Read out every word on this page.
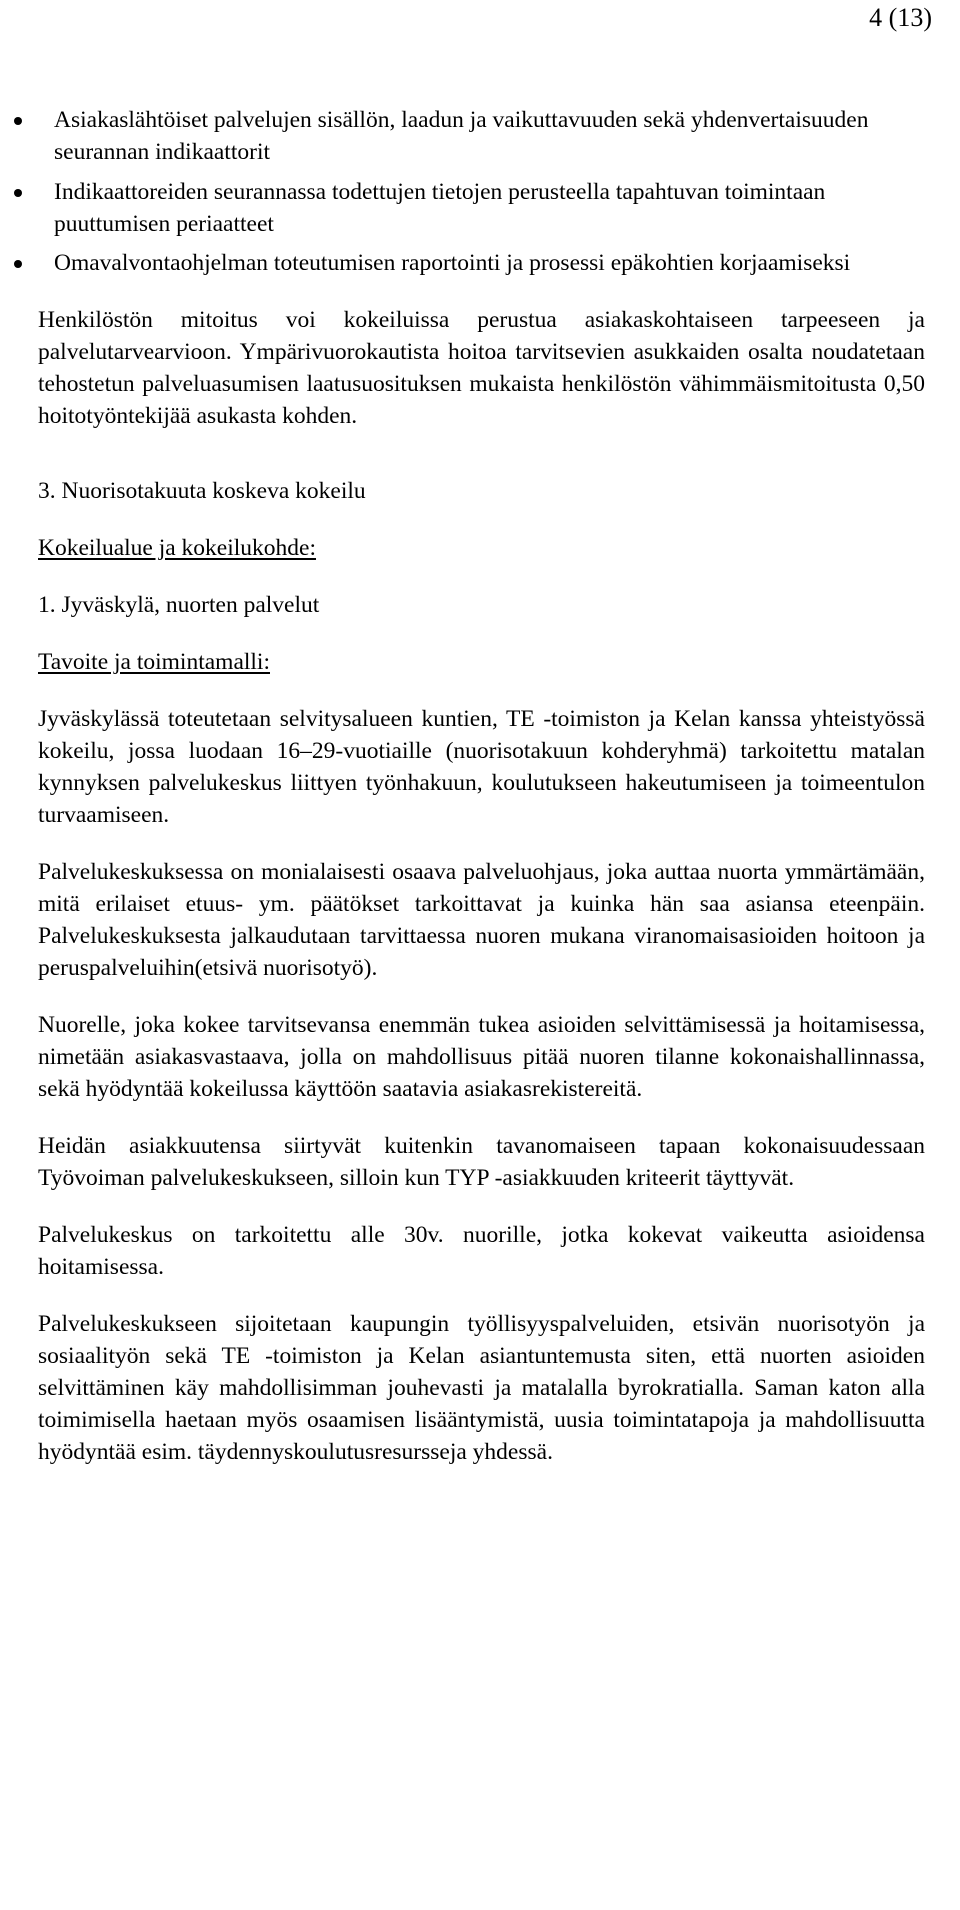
4 (13)
Asiakaslähtöiset palvelujen sisällön, laadun ja vaikuttavuuden sekä yhdenvertaisuuden seurannan indikaattorit
Indikaattoreiden seurannassa todettujen tietojen perusteella tapahtuvan toimintaan puuttumisen periaatteet
Omavalvontaohjelman toteutumisen raportointi ja prosessi epäkohtien korjaamiseksi

Henkilöstön mitoitus voi kokeiluissa perustua asiakaskohtaiseen tarpeeseen ja palvelutarvearvioon. Ympärivuorokautista hoitoa tarvitsevien asukkaiden osalta noudatetaan tehostetun palveluasumisen laatusuosituksen mukaista henkilöstön vähimmäismitoitusta 0,50 hoitotyöntekijää asukasta kohden.

3. Nuorisotakuuta koskeva kokeilu

Kokeilualue ja kokeilukohde:

1. Jyväskylä, nuorten palvelut

Tavoite ja toimintamalli:

Jyväskylässä toteutetaan selvitysalueen kuntien, TE -toimiston ja Kelan kanssa yhteistyössä kokeilu, jossa luodaan 16–29-vuotiaille (nuorisotakuun kohderyhmä) tarkoitettu matalan kynnyksen palvelukeskus liittyen työnhakuun, koulutukseen hakeutumiseen ja toimeentulon turvaamiseen.

Palvelukeskuksessa on monialaisesti osaava palveluohjaus, joka auttaa nuorta ymmärtämään, mitä erilaiset etuus- ym. päätökset tarkoittavat ja kuinka hän saa asiansa eteenpäin. Palvelukeskuksesta jalkaudutaan tarvittaessa nuoren mukana viranomaisasioiden hoitoon ja peruspalveluihin(etsivä nuorisotyö).

Nuorelle, joka kokee tarvitsevansa enemmän tukea asioiden selvittämisessä ja hoitamisessa, nimetään asiakasvastaava, jolla on mahdollisuus pitää nuoren tilanne kokonaishallinnassa, sekä hyödyntää kokeilussa käyttöön saatavia asiakasrekistereitä.

Heidän asiakkuutensa siirtyvät kuitenkin tavanomaiseen tapaan kokonaisuudessaan Työvoiman palvelukeskukseen, silloin kun TYP -asiakkuuden kriteerit täyttyvät.

Palvelukeskus on tarkoitettu alle 30v. nuorille, jotka kokevat vaikeutta asioidensa hoitamisessa.

Palvelukeskukseen sijoitetaan kaupungin työllisyyspalveluiden, etsivän nuorisotyön ja sosiaalityön sekä TE -toimiston ja Kelan asiantuntemusta siten, että nuorten asioiden selvittäminen käy mahdollisimman jouhevasti ja matalalla byrokratialla. Saman katon alla toimimisella haetaan myös osaamisen lisääntymistä, uusia toimintatapoja ja mahdollisuutta hyödyntää esim. täydennyskoulutusresursseja yhdessä.
